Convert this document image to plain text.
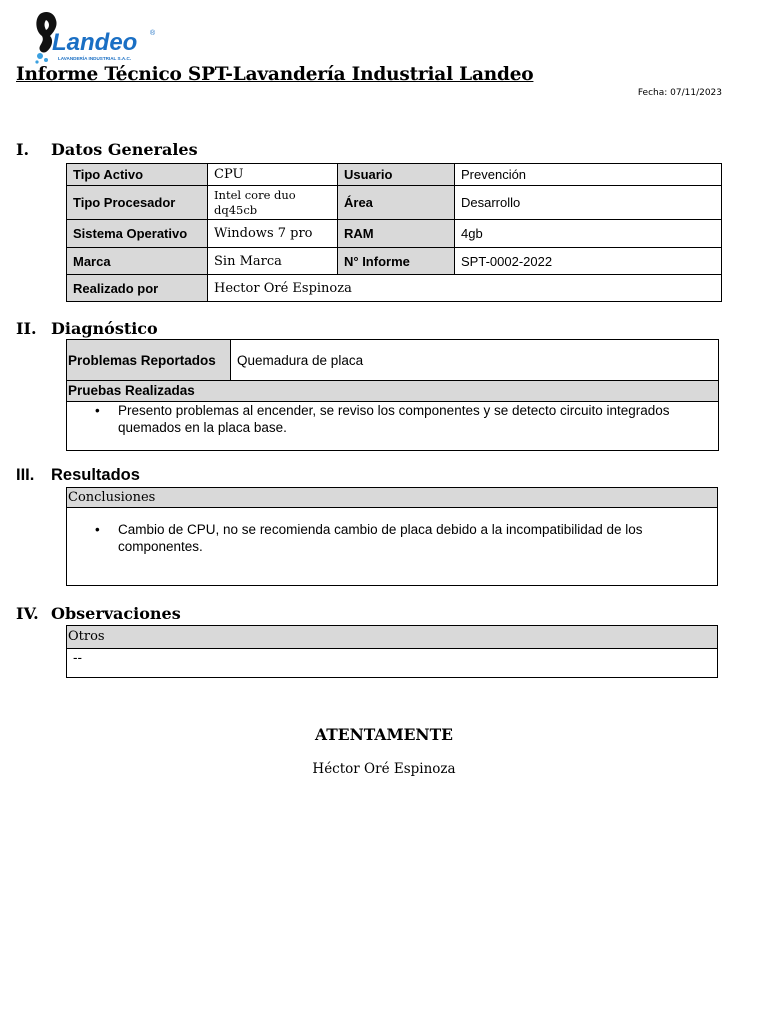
Landeo ®
LAVANDERÍA INDUSTRIAL S.A.C.
Informe Técnico SPT-Lavandería Industrial Landeo
Fecha: 07/11/2023
I.	Datos Generales
Tipo Activo	CPU	Usuario	Prevención
Tipo Procesador	Intel core duo dq45cb	Área	Desarrollo
Sistema Operativo	Windows 7 pro	RAM	4gb
Marca	Sin Marca	N° Informe	SPT-0002-2022
Realizado por	Hector Oré Espinoza		
II. Diagnóstico
Problemas Reportados	Quemadura de placa
Pruebas Realizadas
• Presento problemas al encender, se reviso los componentes y se detecto circuito integrados quemados en la placa base.
III.	Resultados
Conclusiones
• Cambio de CPU, no se recomienda cambio de placa debido a la incompatibilidad de los componentes.
IV. Observaciones
Otros
--

ATENTAMENTE

Héctor Oré Espinoza
